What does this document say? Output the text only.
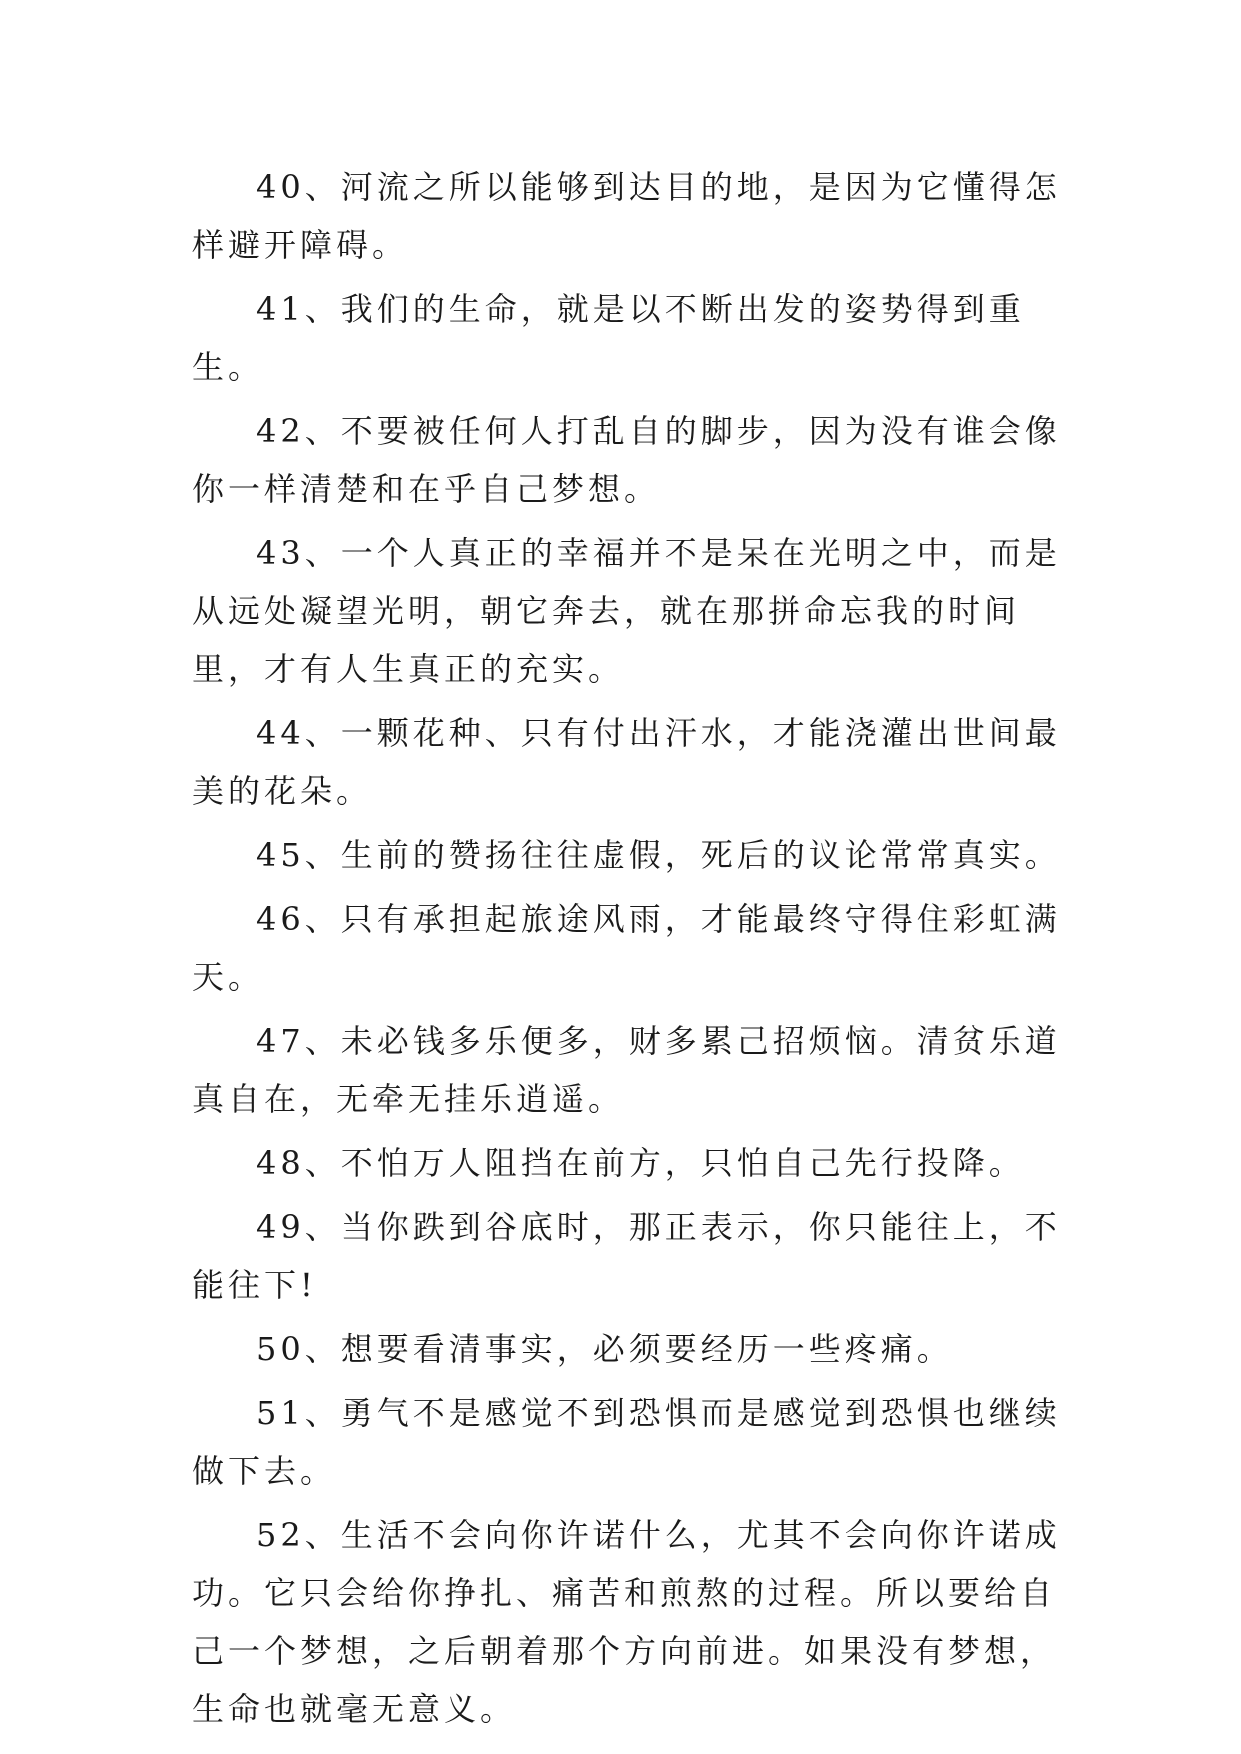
40、河流之所以能够到达目的地，是因为它懂得怎样避开障碍。

41、我们的生命，就是以不断出发的姿势得到重生。

42、不要被任何人打乱自的脚步，因为没有谁会像你一样清楚和在乎自己梦想。

43、一个人真正的幸福并不是呆在光明之中，而是从远处凝望光明，朝它奔去，就在那拼命忘我的时间里，才有人生真正的充实。

44、一颗花种、只有付出汗水，才能浇灌出世间最美的花朵。

45、生前的赞扬往往虚假，死后的议论常常真实。

46、只有承担起旅途风雨，才能最终守得住彩虹满天。

47、未必钱多乐便多，财多累己招烦恼。清贫乐道真自在，无牵无挂乐逍遥。

48、不怕万人阻挡在前方，只怕自己先行投降。

49、当你跌到谷底时，那正表示，你只能往上，不能往下!

50、想要看清事实，必须要经历一些疼痛。

51、勇气不是感觉不到恐惧而是感觉到恐惧也继续做下去。

52、生活不会向你许诺什么，尤其不会向你许诺成功。它只会给你挣扎、痛苦和煎熬的过程。所以要给自己一个梦想，之后朝着那个方向前进。如果没有梦想，生命也就毫无意义。
